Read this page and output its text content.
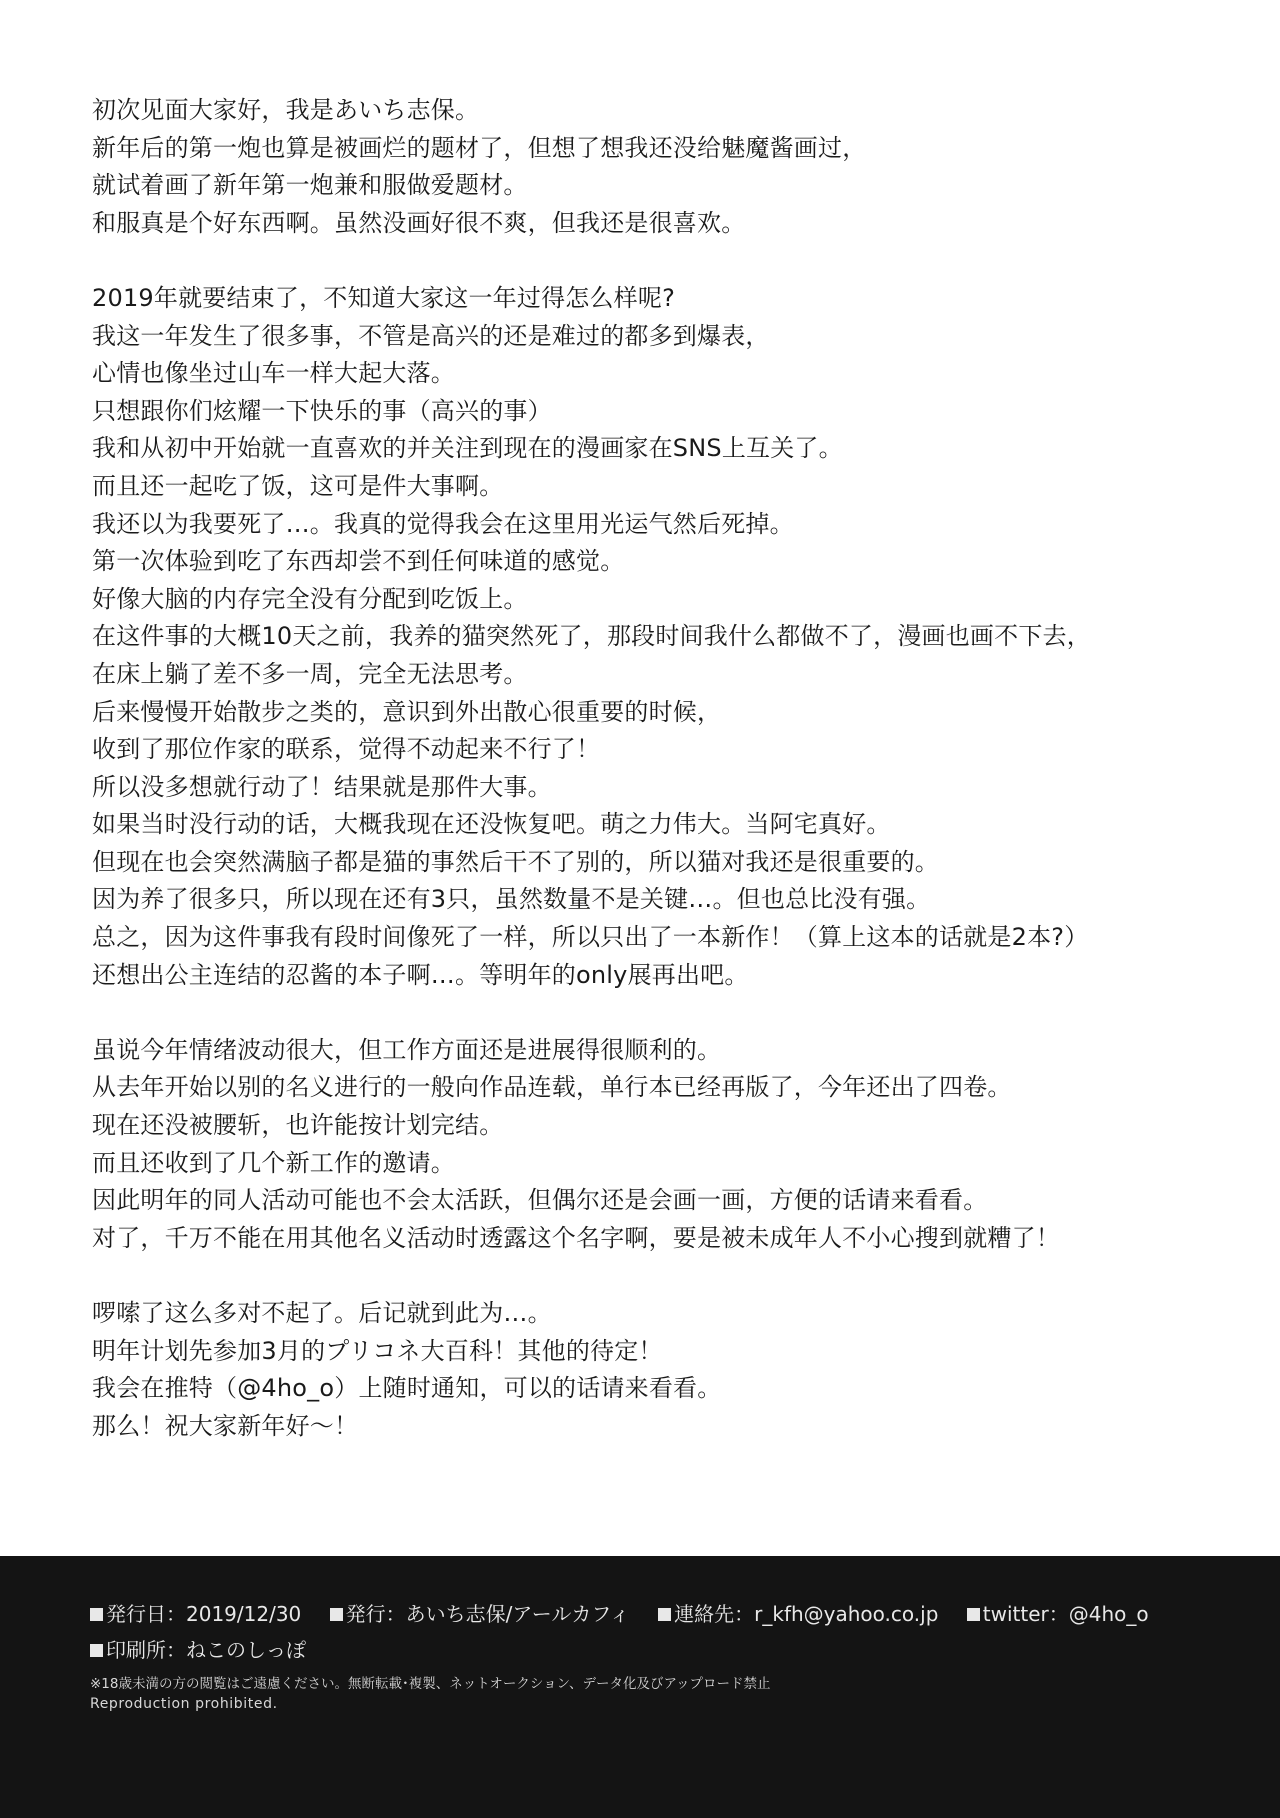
初次见面大家好，我是あいち志保。
新年后的第一炮也算是被画烂的题材了，但想了想我还没给魅魔酱画过，
就试着画了新年第一炮兼和服做爱题材。
和服真是个好东西啊。虽然没画好很不爽，但我还是很喜欢。
2019年就要结束了，不知道大家这一年过得怎么样呢?
我这一年发生了很多事，不管是高兴的还是难过的都多到爆表，
心情也像坐过山车一样大起大落。
只想跟你们炫耀一下快乐的事（高兴的事）
我和从初中开始就一直喜欢的并关注到现在的漫画家在SNS上互关了。
而且还一起吃了饭，这可是件大事啊。
我还以为我要死了…。我真的觉得我会在这里用光运气然后死掉。
第一次体验到吃了东西却尝不到任何味道的感觉。
好像大脑的内存完全没有分配到吃饭上。
在这件事的大概10天之前，我养的猫突然死了，那段时间我什么都做不了，漫画也画不下去，
在床上躺了差不多一周，完全无法思考。
后来慢慢开始散步之类的，意识到外出散心很重要的时候，
收到了那位作家的联系，觉得不动起来不行了！
所以没多想就行动了！结果就是那件大事。
如果当时没行动的话，大概我现在还没恢复吧。萌之力伟大。当阿宅真好。
但现在也会突然满脑子都是猫的事然后干不了别的，所以猫对我还是很重要的。
因为养了很多只，所以现在还有3只，虽然数量不是关键…。但也总比没有强。
总之，因为这件事我有段时间像死了一样，所以只出了一本新作！（算上这本的话就是2本?）
还想出公主连结的忍酱的本子啊…。等明年的only展再出吧。
虽说今年情绪波动很大，但工作方面还是进展得很顺利的。
从去年开始以别的名义进行的一般向作品连载，单行本已经再版了，今年还出了四卷。
现在还没被腰斩，也许能按计划完结。
而且还收到了几个新工作的邀请。
因此明年的同人活动可能也不会太活跃，但偶尔还是会画一画，方便的话请来看看。
对了，千万不能在用其他名义活动时透露这个名字啊，要是被未成年人不小心搜到就糟了！
啰嗦了这么多对不起了。后记就到此为…。
明年计划先参加3月的プリコネ大百科！其他的待定！
我会在推特（@4ho_o）上随时通知，可以的话请来看看。
那么！祝大家新年好～！
発行日：2019/12/30 発行：あいち志保/アールカフィ 連絡先：r_kfh@yahoo.co.jp twitter：@4ho_o
印刷所：ねこのしっぽ
※18歳未満の方の閲覧はご遠慮ください。無断転載･複製、ネットオークション、データ化及びアップロード禁止
Reproduction prohibited.
